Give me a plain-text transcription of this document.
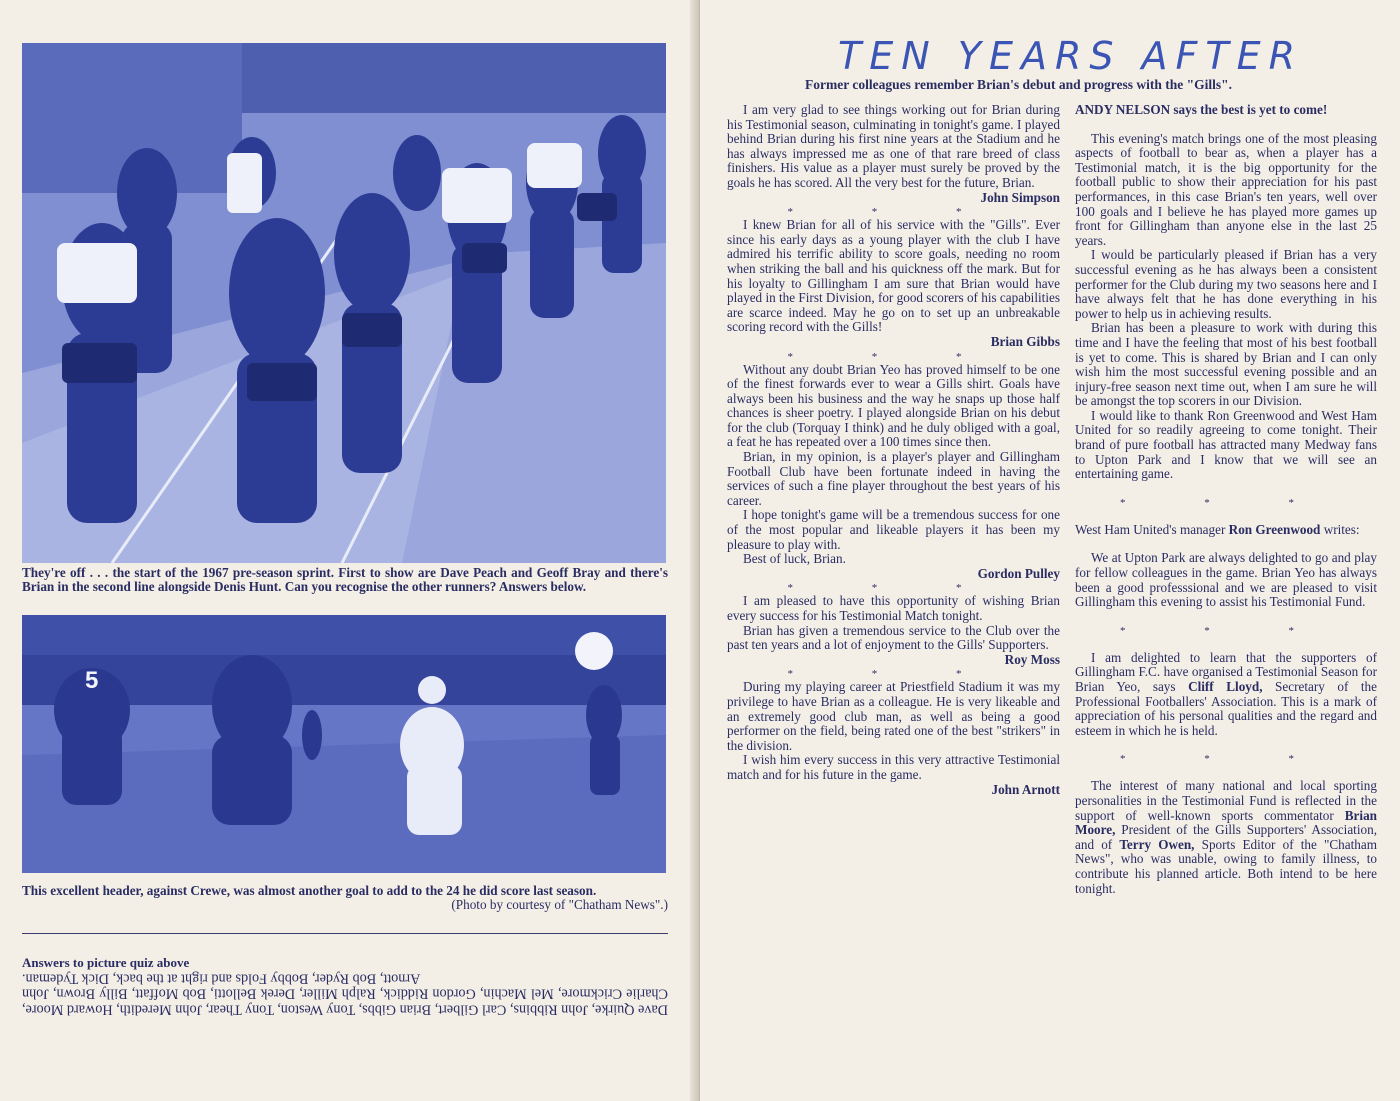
They're off . . . the start of the 1967 pre-season sprint. First to show are Dave Peach and Geoff Bray and there's Brian in the second line alongside Denis Hunt. Can you recognise the other runners? Answers below.
5
This excellent header, against Crewe, was almost another goal to add to the 24 he did score last season.
(Photo by courtesy of "Chatham News".)
Answers to picture quiz above
Dave Quirke, John Ribbins, Carl Gilbert, Brian Gibbs, Tony Weston, Tony Thear, John Meredith, Howard Moore, Charlie Crickmore, Mel Machin, Gordon Riddick, Ralph Miller, Derek Bellotti, Bob Moffatt, Billy Brown, John Arnott, Bob Ryder, Bobby Folds and right at the back, Dick Tydeman.
TEN YEARS AFTER
Former colleagues remember Brian's debut and progress with the "Gills".

I am very glad to see things working out for Brian during his Testimonial season, culminating in tonight's game. I played behind Brian during his first nine years at the Stadium and he has always impressed me as one of that rare breed of class finishers. His value as a player must surely be proved by the goals he has scored. All the very best for the future, Brian.

John Simpson
* * *

I knew Brian for all of his service with the "Gills". Ever since his early days as a young player with the club I have admired his terrific ability to score goals, needing no room when striking the ball and his quickness off the mark. But for his loyalty to Gillingham I am sure that Brian would have played in the First Division, for good scorers of his capabilities are scarce indeed. May he go on to set up an unbreakable scoring record with the Gills!

Brian Gibbs
* * *

Without any doubt Brian Yeo has proved himself to be one of the finest forwards ever to wear a Gills shirt. Goals have always been his business and the way he snaps up those half chances is sheer poetry. I played alongside Brian on his debut for the club (Torquay I think) and he duly obliged with a goal, a feat he has repeated over a 100 times since then.

Brian, in my opinion, is a player's player and Gillingham Football Club have been fortunate indeed in having the services of such a fine player throughout the best years of his career.

I hope tonight's game will be a tremendous success for one of the most popular and likeable players it has been my pleasure to play with.

Best of luck, Brian.

Gordon Pulley
* * *

I am pleased to have this opportunity of wishing Brian every success for his Testimonial Match tonight.

Brian has given a tremendous service to the Club over the past ten years and a lot of enjoyment to the Gills' Supporters.

Roy Moss
* * *

During my playing career at Priestfield Stadium it was my privilege to have Brian as a colleague. He is very likeable and an extremely good club man, as well as being a good performer on the field, being rated one of the best "strikers" in the division.

I wish him every success in this very attractive Testimonial match and for his future in the game.

John Arnott

ANDY NELSON says the best is yet to come!

This evening's match brings one of the most pleasing aspects of football to bear as, when a player has a Testimonial match, it is the big opportunity for the football public to show their appreciation for his past performances, in this case Brian's ten years, well over 100 goals and I believe he has played more games up front for Gillingham than anyone else in the last 25 years.

I would be particularly pleased if Brian has a very successful evening as he has always been a consistent performer for the Club during my two seasons here and I have always felt that he has done everything in his power to help us in achieving results.

Brian has been a pleasure to work with during this time and I have the feeling that most of his best football is yet to come. This is shared by Brian and I can only wish him the most successful evening possible and an injury-free season next time out, when I am sure he will be amongst the top scorers in our Division.

I would like to thank Ron Greenwood and West Ham United for so readily agreeing to come tonight. Their brand of pure football has attracted many Medway fans to Upton Park and I know that we will see an entertaining game.

* * *

West Ham United's manager Ron Greenwood writes:

We at Upton Park are always delighted to go and play for fellow colleagues in the game. Brian Yeo has always been a good professsional and we are pleased to visit Gillingham this evening to assist his Testimonial Fund.

* * *

I am delighted to learn that the supporters of Gillingham F.C. have organised a Testimonial Season for Brian Yeo, says Cliff Lloyd, Secretary of the Professional Footballers' Association. This is a mark of appreciation of his personal qualities and the regard and esteem in which he is held.

* * *

The interest of many national and local sporting personalities in the Testimonial Fund is reflected in the support of well-known sports commentator Brian Moore, President of the Gills Supporters' Association, and of Terry Owen, Sports Editor of the "Chatham News", who was unable, owing to family illness, to contribute his planned article. Both intend to be here tonight.
